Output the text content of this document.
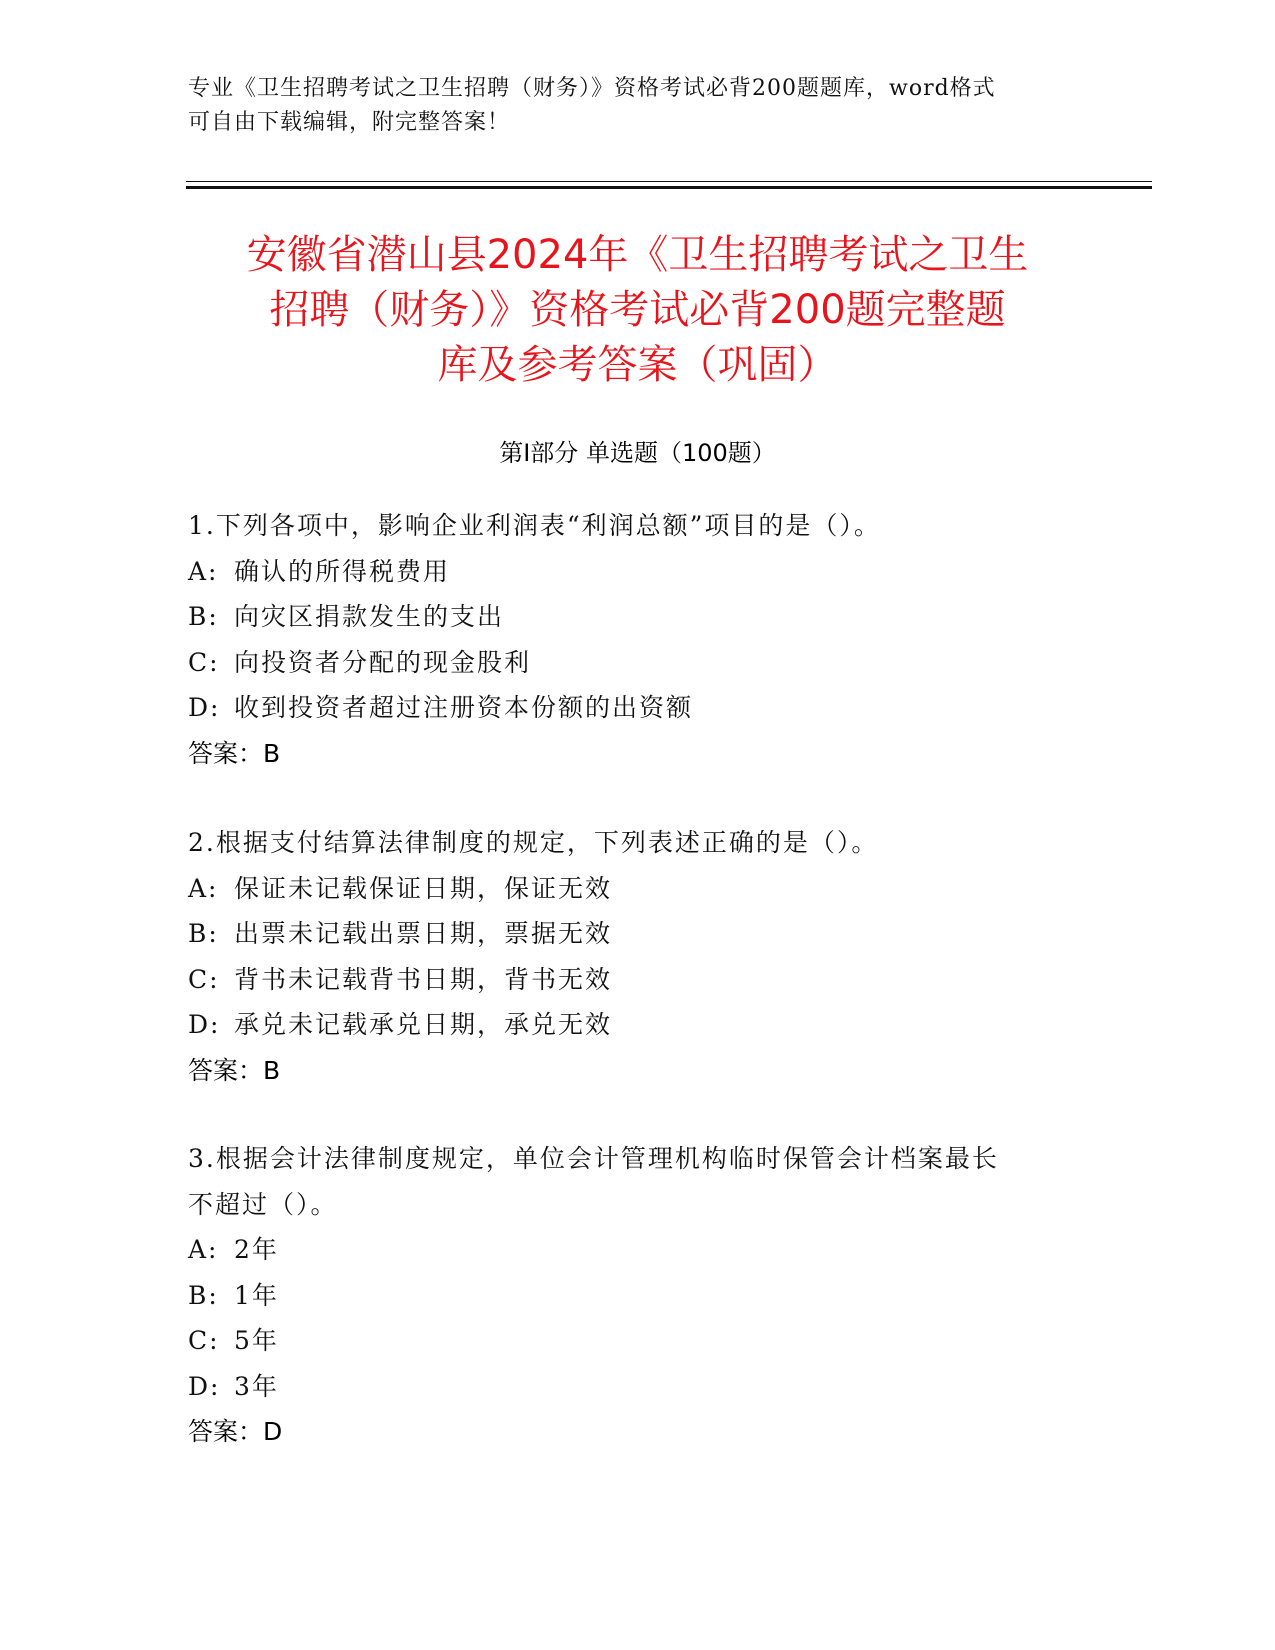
专业《卫生招聘考试之卫生招聘（财务）》资格考试必背200题题库，word格式
可自由下载编辑，附完整答案！
安徽省潜山县2024年《卫生招聘考试之卫生
招聘（财务）》资格考试必背200题完整题
库及参考答案（巩固）
第Ⅰ部分 单选题（100题）
1.下列各项中，影响企业利润表“利润总额”项目的是（）。
A: 确认的所得税费用
B: 向灾区捐款发生的支出
C: 向投资者分配的现金股利
D: 收到投资者超过注册资本份额的出资额
答案：B
2.根据支付结算法律制度的规定，下列表述正确的是（）。
A: 保证未记载保证日期，保证无效
B: 出票未记载出票日期，票据无效
C: 背书未记载背书日期，背书无效
D: 承兑未记载承兑日期，承兑无效
答案：B
3.根据会计法律制度规定，单位会计管理机构临时保管会计档案最长
不超过（）。
A: 2年
B: 1年
C: 5年
D: 3年
答案：D
